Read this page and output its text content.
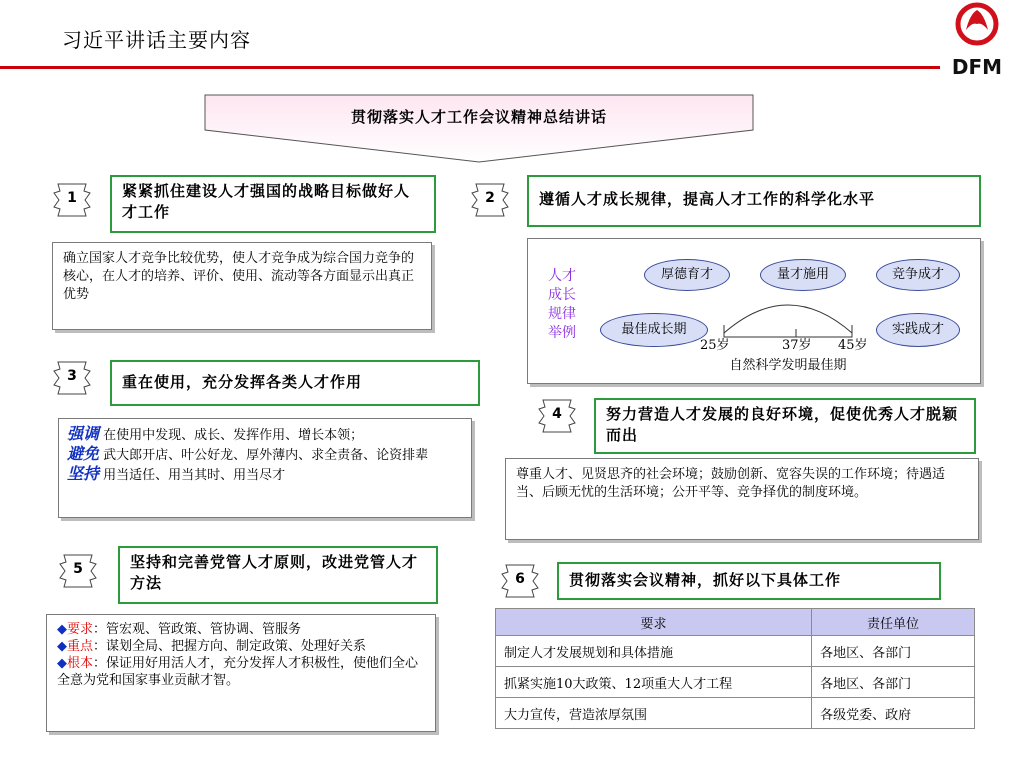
习近平讲话主要内容
DFM
贯彻落实人才工作会议精神总结讲话
1	紧紧抓住建设人才强国的战略目标做好人才工作
确立国家人才竞争比较优势，使人才竞争成为综合国力竞争的核心，在人才的培养、评价、使用、流动等各方面显示出真正优势
2	遵循人才成长规律，提高人才工作的科学化水平
人才成长规律举例
厚德育才	量才施用	竞争成才
最佳成长期	实践成才
25岁	37岁 45岁
自然科学发明最佳期
3	重在使用，充分发挥各类人才作用
强调 在使用中发现、成长、发挥作用、增长本领；
避免 武大郎开店、叶公好龙、厚外薄内、求全责备、论资排辈
坚持 用当适任、用当其时、用当尽才
4	努力营造人才发展的良好环境，促使优秀人才脱颖而出
尊重人才、见贤思齐的社会环境；鼓励创新、宽容失误的工作环境；待遇适当、后顾无忧的生活环境；公开平等、竞争择优的制度环境。
5	坚持和完善党管人才原则，改进党管人才方法
◆要求：管宏观、管政策、管协调、管服务
◆重点：谋划全局、把握方向、制定政策、处理好关系
◆根本：保证用好用活人才，充分发挥人才积极性，使他们全心全意为党和国家事业贡献才智。
6	贯彻落实会议精神，抓好以下具体工作
要求	责任单位
制定人才发展规划和具体措施	各地区、各部门
抓紧实施10大政策、12项重大人才工程	各地区、各部门
大力宣传，营造浓厚氛围	各级党委、政府
